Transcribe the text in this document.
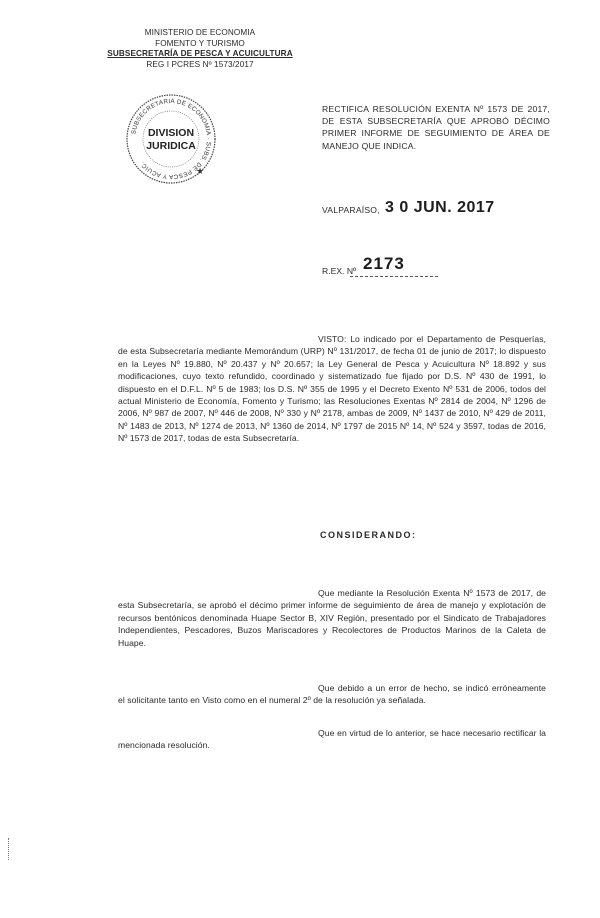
MINISTERIO DE ECONOMIA
FOMENTO Y TURISMO
SUBSECRETARÍA DE PESCA Y ACUICULTURA
REG I PCRES Nº 1573/2017
SUBSECRETARIA DE ECONOMIA · SUBS. DE PESCA Y ACUIC.
DIVISION
JURIDICA
★
RECTIFICA RESOLUCIÓN EXENTA Nº 1573 DE 2017, DE ESTA SUBSECRETARÍA QUE APROBÓ DÉCIMO PRIMER INFORME DE SEGUIMIENTO DE ÁREA DE MANEJO QUE INDICA.
VALPARAÍSO, 3 0 JUN. 2017
R.EX. Nº 2173

VISTO: Lo indicado por el Departamento de Pesquerías, de esta Subsecretaría mediante Memorándum (URP) Nº 131/2017, de fecha 01 de junio de 2017; lo dispuesto en la Leyes Nº 19.880, Nº 20.437 y Nº 20.657; la Ley General de Pesca y Acuicultura Nº 18.892 y sus modificaciones, cuyo texto refundido, coordinado y sistematizado fue fijado por D.S. Nº 430 de 1991, lo dispuesto en el D.F.L. Nº 5 de 1983; los D.S. Nº 355 de 1995 y el Decreto Exento Nº 531 de 2006, todos del actual Ministerio de Economía, Fomento y Turismo; las Resoluciones Exentas Nº 2814 de 2004, Nº 1296 de 2006, Nº 987 de 2007, Nº 446 de 2008, Nº 330 y Nº 2178, ambas de 2009, Nº 1437 de 2010, Nº 429 de 2011, Nº 1483 de 2013, Nº 1274 de 2013, Nº 1360 de 2014, Nº 1797 de 2015 Nº 14, Nº 524 y 3597, todas de 2016, Nº 1573 de 2017, todas de esta Subsecretaría.

CONSIDERANDO:

Que mediante la Resolución Exenta Nº 1573 de 2017, de esta Subsecretaría, se aprobó el décimo primer informe de seguimiento de área de manejo y explotación de recursos bentónicos denominada Huape Sector B, XIV Región, presentado por el Sindicato de Trabajadores Independientes, Pescadores, Buzos Mariscadores y Recolectores de Productos Marinos de la Caleta de Huape.

Que debido a un error de hecho, se indicó erróneamente el solicitante tanto en Visto como en el numeral 2º de la resolución ya señalada.

Que en virtud de lo anterior, se hace necesario rectificar la mencionada resolución.
